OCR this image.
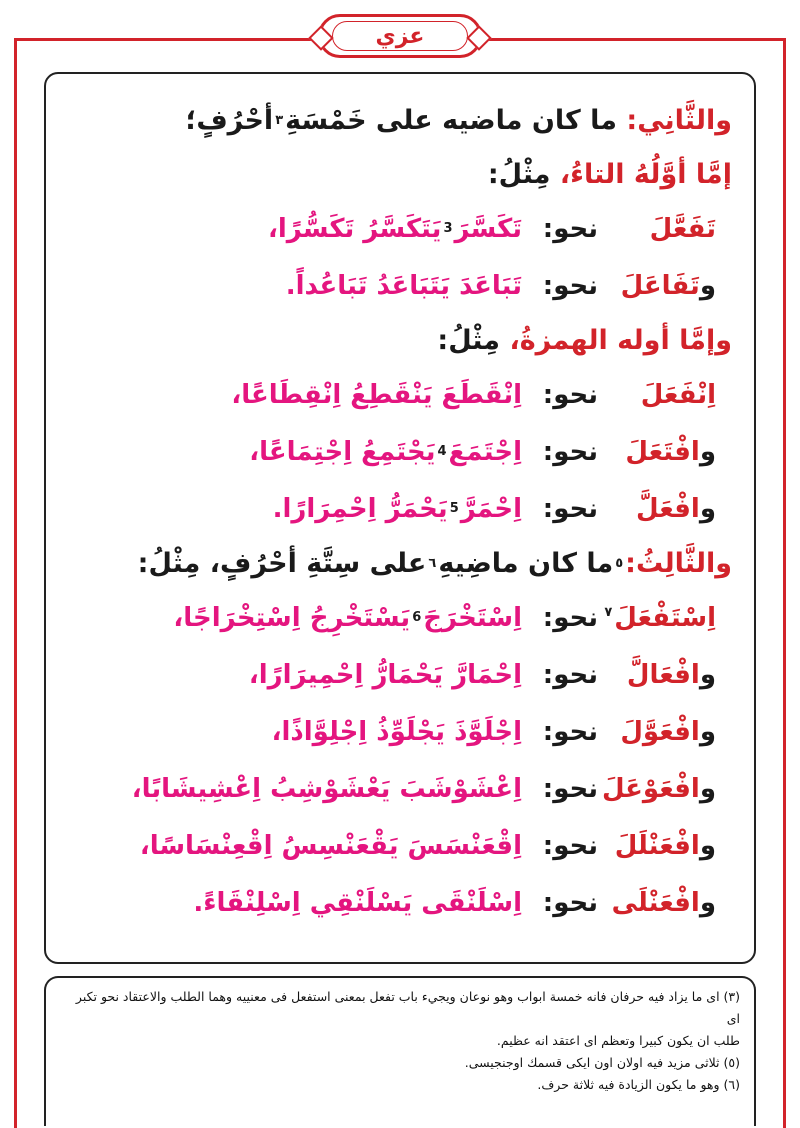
عزي
والثَّانِي:

ما كان ماضيه على خَمْسَةِ
٣
أحْرُفٍ؛
إمَّا أوَّلُهُ التاءُ،

مِثْلُ:
تَفَعَّلَ
نحو:
تَكَسَّرَ
3
يَتَكَسَّرُ تَكَسُّرًا،
وتَفَاعَلَ
نحو:
تَبَاعَدَ يَتَبَاعَدُ تَبَاعُداً.
وإمَّا أوله الهمزةُ،

مِثْلُ:
اِنْفَعَلَ
نحو:
اِنْقَطَعَ يَنْقَطِعُ اِنْقِطَاعًا،
وافْتَعَلَ
نحو:
اِجْتَمَعَ
4
يَجْتَمِعُ اِجْتِمَاعًا،
وافْعَلَّ
نحو:
اِحْمَرَّ
5
يَحْمَرُّ اِحْمِرَارًا.
والثَّالِثُ:
٥
ما كان ماضِيهِ
٦
على سِتَّةِ أحْرُفٍ، مِثْلُ:
اِسْتَفْعَلَ$^٧$
نحو:
اِسْتَخْرَجَ
6
يَسْتَخْرِجُ اِسْتِخْرَاجًا،
وافْعَالَّ
نحو:
اِحْمَارَّ يَحْمَارُّ اِحْمِيرَارًا،
وافْعَوَّلَ
نحو:
اِجْلَوَّذَ يَجْلَوِّذُ اِجْلِوَّاذًا،
وافْعَوْعَلَ
نحو:
اِعْشَوْشَبَ يَعْشَوْشِبُ اِعْشِيشَابًا،
وافْعَنْلَلَ
نحو:
اِقْعَنْسَسَ يَقْعَنْسِسُ اِقْعِنْسَاسًا،
وافْعَنْلَى
نحو:
اِسْلَنْقَى يَسْلَنْقِي اِسْلِنْقَاءً.
(٣) اى ما يزاد فيه حرفان فانه خمسة ابواب وهو نوعان ويجيء باب تفعل بمعنى استفعل فى معنييه وهما الطلب والاعتقاد نحو تكبر اى
طلب ان يكون كبيرا وتعظم اى اعتقد انه عظيم.
(٥) ثلاثى مزيد فيه اولان اون ايكى قسمك اوجنجيسى.
(٦) وهو ما يكون الزيادة فيه ثلاثة حرف.
